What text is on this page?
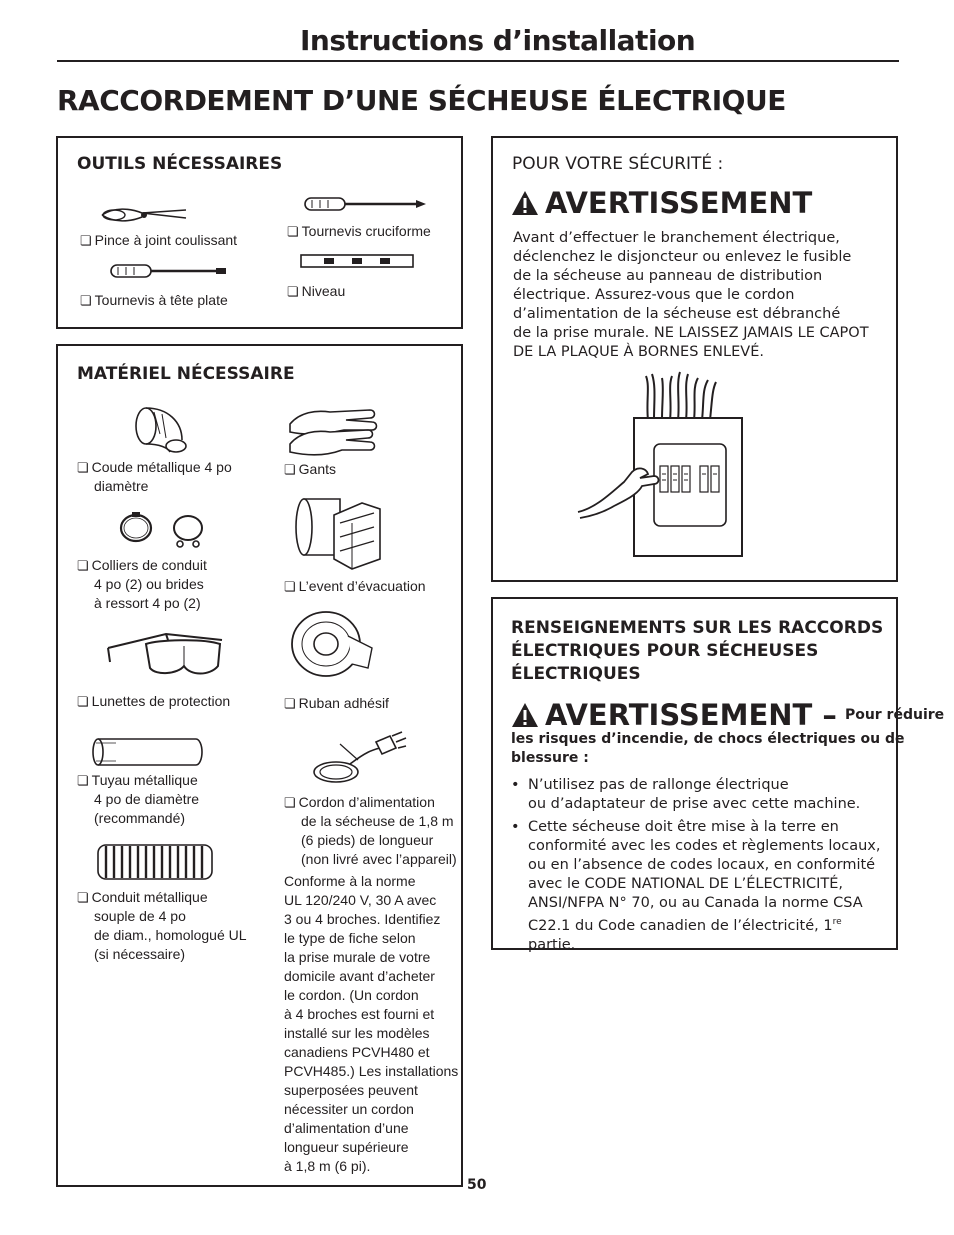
Instructions d’installation
RACCORDEMENT D’UNE SÉCHEUSE ÉLECTRIQUE
OUTILS NÉCESSAIRES
❏ Pince à joint coulissant
❏ Tournevis à tête plate
❏ Tournevis cruciforme
❏ Niveau
MATÉRIEL NÉCESSAIRE
❏ Coude métallique 4 po
diamètre
❏ Colliers de conduit
4 po (2) ou brides
à ressort 4 po (2)
❏ Lunettes de protection
❏ Tuyau métallique
4 po de diamètre
(recommandé)
❏ Conduit métallique
souple de 4 po
de diam., homologué UL
(si nécessaire)
❏ Gants
❏ L’event d’évacuation
❏ Ruban adhésif
❏ Cordon d’alimentation
de la sécheuse de 1,8 m
(6 pieds) de longueur
(non livré avec l’appareil)
Conforme à la norme
UL 120/240 V, 30 A avec
3 ou 4 broches. Identifiez
le type de fiche selon
la prise murale de votre
domicile avant d’acheter
le cordon. (Un cordon
à 4 broches est fourni et
installé sur les modèles
canadiens PCVH480 et
PCVH485.) Les installations
superposées peuvent
nécessiter un cordon
d’alimentation d’une
longueur supérieure
à 1,8 m (6 pi).
POUR VOTRE SÉCURITÉ :
AVERTISSEMENT
Avant d’effectuer le branchement électrique,
déclenchez le disjoncteur ou enlevez le fusible
de la sécheuse au panneau de distribution
électrique. Assurez-vous que le cordon
d’alimentation de la sécheuse est débranché
de la prise murale. NE LAISSEZ JAMAIS LE CAPOT
DE LA PLAQUE À BORNES ENLEVÉ.
RENSEIGNEMENTS SUR LES RACCORDS
ÉLECTRIQUES POUR SÉCHEUSES
ÉLECTRIQUES
AVERTISSEMENT – Pour réduire
les risques d’incendie, de chocs électriques ou de
blessure :
• N’utilisez pas de rallonge électrique
ou d’adaptateur de prise avec cette machine.
• Cette sécheuse doit être mise à la terre en
conformité avec les codes et règlements locaux,
ou en l’absence de codes locaux, en conformité
avec le CODE NATIONAL DE L’ÉLECTRICITÉ,
ANSI/NFPA N° 70, ou au Canada la norme CSA
C22.1 du Code canadien de l’électricité, 1re partie.
50
